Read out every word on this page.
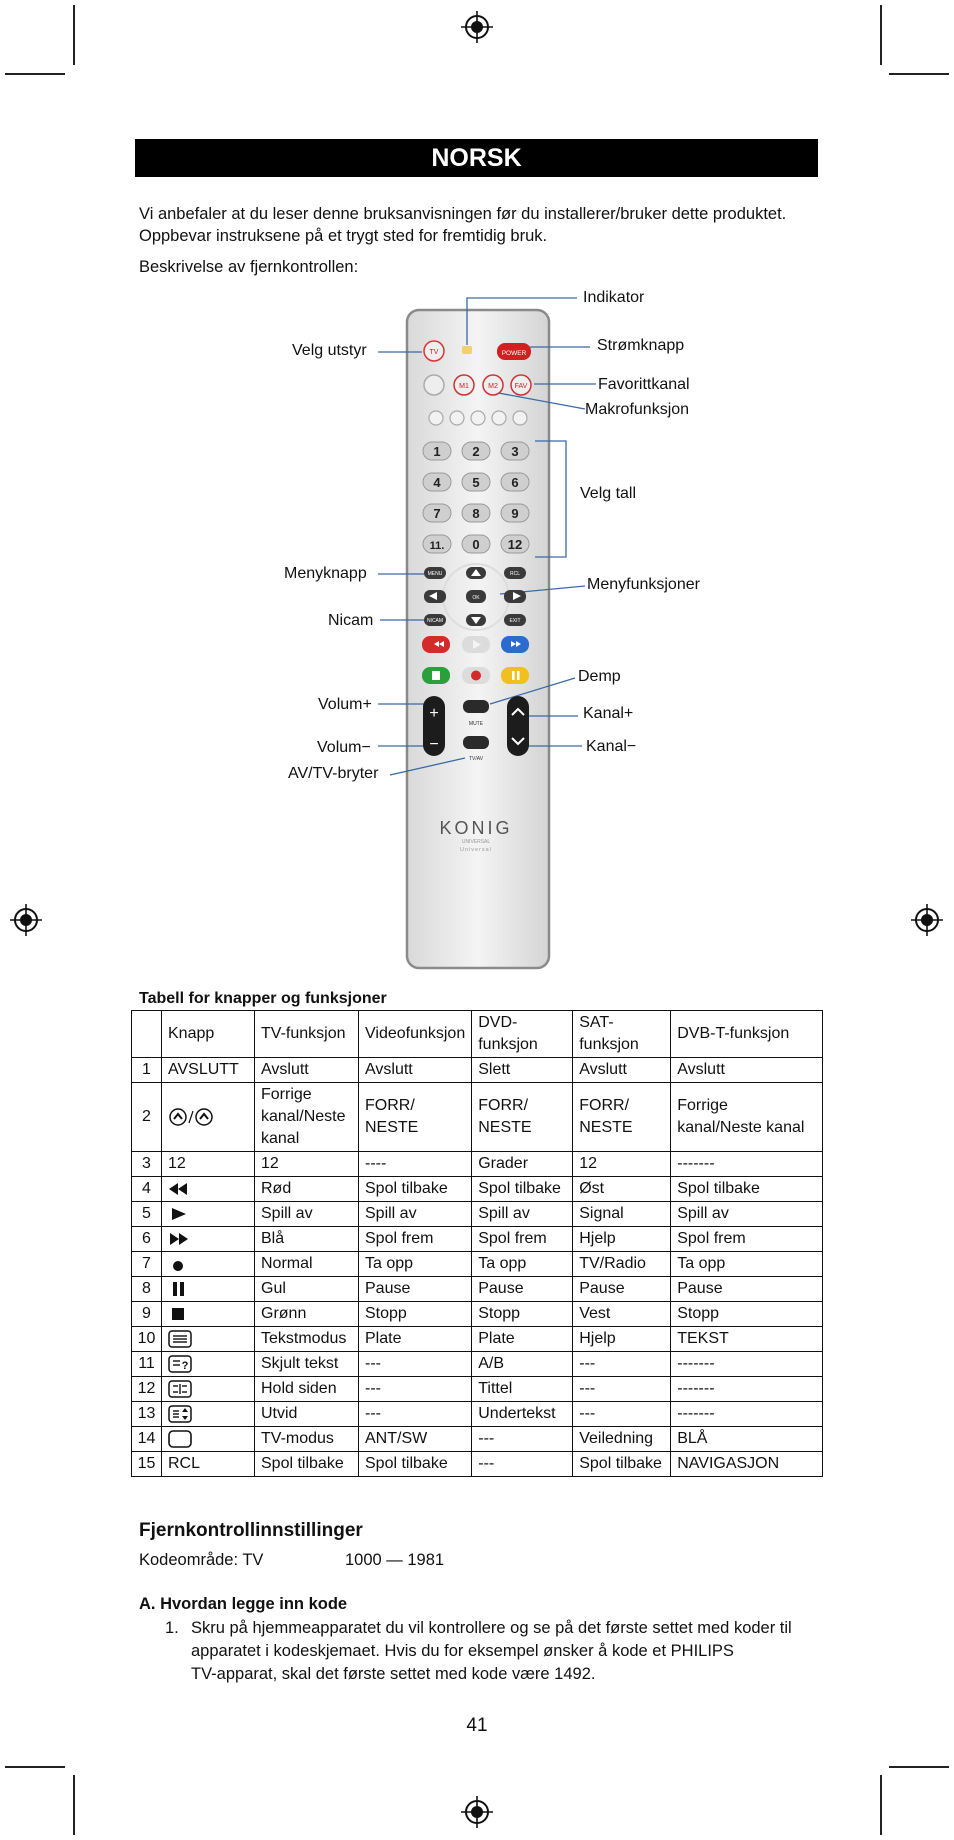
NORSK
Vi anbefaler at du leser denne bruksanvisningen før du installerer/bruker dette produktet.
Oppbevar instruksene på et trygt sted for fremtidig bruk.
Beskrivelse av fjernkontrollen:
TV	POWER
M1	M2 FAV
1 2 3
4 5 6
7 8 9
11. 0 12
MENU	RCL
OK
NICAM	EXIT
+
−
MUTE
TV/AV
KONIG
UNIVERSAL
Universal
Indikator
Velg utstyr	Strømknapp
Favorittkanal
Makrofunksjon
Velg tall
Menyknapp
Menyfunksjoner
Nicam
Demp
Volum+
Kanal+
Volum−	Kanal−
AV/TV-bryter
Tabell for knapper og funksjoner
	Knapp	TV-funksjon	Videofunksjon	DVD-funksjon	SAT-funksjon	DVB-T-funksjon
1	AVSLUTT	Avslutt	Avslutt	Slett	Avslutt	Avslutt
2		Forrige kanal/Neste kanal	FORR/ NESTE	FORR/ NESTE	FORR/ NESTE	Forrige kanal/Neste kanal
3	12	12	----	Grader	12	-------
4		Rød	Spol tilbake	Spol tilbake	Øst	Spol tilbake
5		Spill av	Spill av	Spill av	Signal	Spill av
6		Blå	Spol frem	Spol frem	Hjelp	Spol frem
7		Normal	Ta opp	Ta opp	TV/Radio	Ta opp
8		Gul	Pause	Pause	Pause	Pause
9		Grønn	Stopp	Stopp	Vest	Stopp
10		Tekstmodus	Plate	Plate	Hjelp	TEKST
11	?	Skjult tekst	---	A/B	---	-------
12		Hold siden	---	Tittel	---	-------
13		Utvid	---	Undertekst	---	-------
14		TV-modus	ANT/SW	---	Veiledning	BLÅ
15	RCL	Spol tilbake	Spol tilbake	---	Spol tilbake	NAVIGASJON
Fjernkontrollinnstillinger
Kodeområde: TV	1000 — 1981
A. Hvordan legge inn kode
1. Skru på hjemmeapparatet du vil kontrollere og se på det første settet med koder til
apparatet i kodeskjemaet. Hvis du for eksempel ønsker å kode et PHILIPS
TV-apparat, skal det første settet med kode være 1492.
41
